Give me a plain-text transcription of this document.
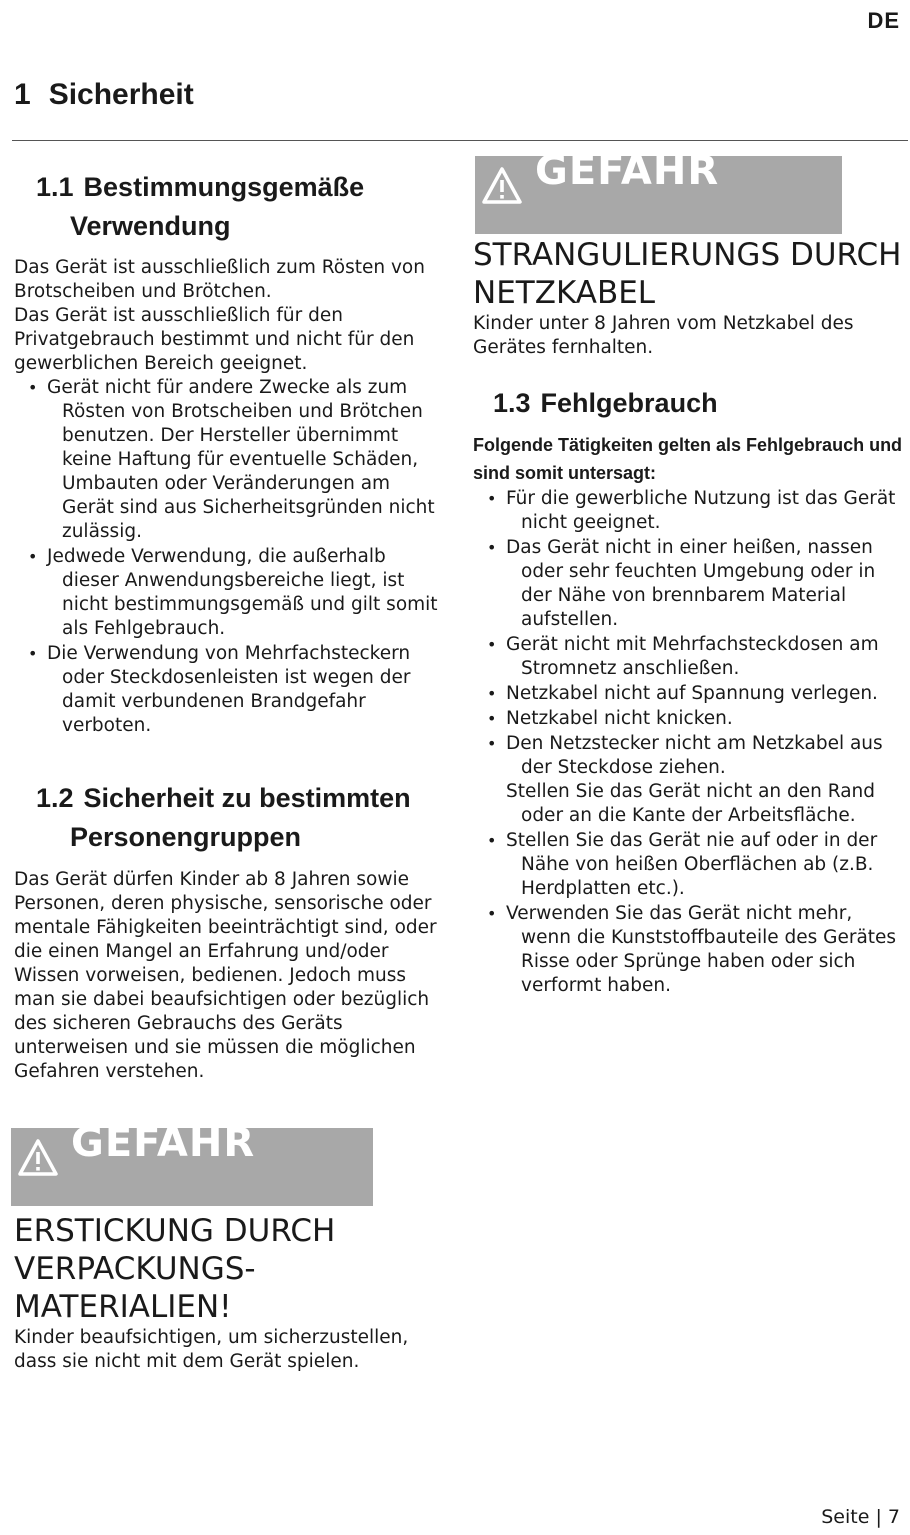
DE
1 Sicherheit
1.1 Bestimmungsgemäße
Verwendung

Das Gerät ist ausschließlich zum Rösten von Brotscheiben und Brötchen.

Das Gerät ist ausschließlich für den Privatgebrauch bestimmt und nicht für den gewerblichen Bereich geeignet.

• Gerät nicht für andere Zwecke als zum Rösten von Brotscheiben und Brötchen benutzen. Der Hersteller übernimmt keine Haftung für eventuelle Schäden, Umbauten oder Veränderungen am Gerät sind aus Sicherheitsgründen nicht zulässig.
• Jedwede Verwendung, die außerhalb dieser Anwendungsbereiche liegt, ist nicht bestimmungsgemäß und gilt somit als Fehlgebrauch.
• Die Verwendung von Mehrfachsteckern oder Steckdosenleisten ist wegen der damit verbundenen Brandgefahr verboten.
1.2 Sicherheit zu bestimmten
Personengruppen

Das Gerät dürfen Kinder ab 8 Jahren sowie Personen, deren physische, sensorische oder mentale Fähigkeiten beeinträchtigt sind, oder die einen Mangel an Erfahrung und/oder Wissen vorweisen, bedienen. Jedoch muss man sie dabei beaufsichtigen oder bezüglich des sicheren Gebrauchs des Geräts unterweisen und sie müssen die möglichen Gefahren verstehen.

GEFAHR
ERSTICKUNG DURCH VERPACKUNGS-MATERIALIEN!
Kinder beaufsichtigen, um sicherzustellen, dass sie nicht mit dem Gerät spielen.
GEFAHR
STRANGULIERUNGS DURCH NETZKABEL
Kinder unter 8 Jahren vom Netzkabel des Gerätes fernhalten.
1.3 Fehlgebrauch
Folgende Tätigkeiten gelten als Fehlgebrauch und sind somit untersagt:
• Für die gewerbliche Nutzung ist das Gerät nicht geeignet.
• Das Gerät nicht in einer heißen, nassen oder sehr feuchten Umgebung oder in der Nähe von brennbarem Material aufstellen.
• Gerät nicht mit Mehrfachsteckdosen am Stromnetz anschließen.
• Netzkabel nicht auf Spannung verlegen.
• Netzkabel nicht knicken.
• Den Netzstecker nicht am Netzkabel aus der Steckdose ziehen.
Stellen Sie das Gerät nicht an den Rand oder an die Kante der Arbeitsfläche.
• Stellen Sie das Gerät nie auf oder in der Nähe von heißen Oberflächen ab (z.B. Herdplatten etc.).
• Verwenden Sie das Gerät nicht mehr, wenn die Kunststoffbauteile des Gerätes Risse oder Sprünge haben oder sich verformt haben.
Seite | 7
